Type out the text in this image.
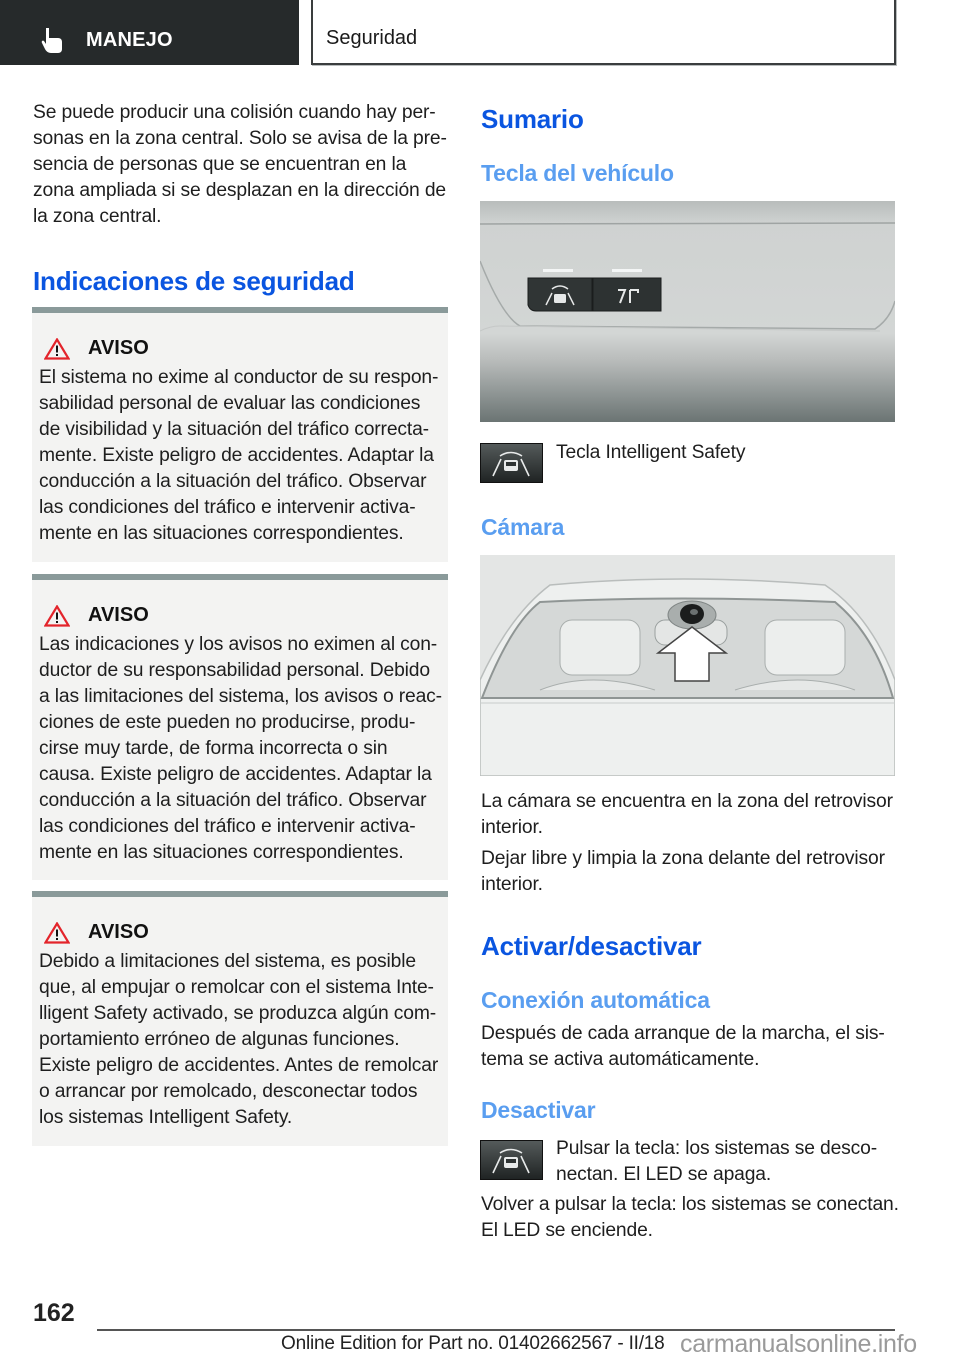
MANEJO	Seguridad
Se puede producir una colisión cuando hay per-
sonas en la zona central. Solo se avisa de la pre-
sencia de personas que se encuentran en la
zona ampliada si se desplazan en la dirección de
la zona central.
Indicaciones de seguridad
AVISO
El sistema no exime al conductor de su respon-
sabilidad personal de evaluar las condiciones
de visibilidad y la situación del tráfico correcta-
mente. Existe peligro de accidentes. Adaptar la
conducción a la situación del tráfico. Observar
las condiciones del tráfico e intervenir activa-
mente en las situaciones correspondientes.
AVISO
Las indicaciones y los avisos no eximen al con-
ductor de su responsabilidad personal. Debido
a las limitaciones del sistema, los avisos o reac-
ciones de este pueden no producirse, produ-
cirse muy tarde, de forma incorrecta o sin
causa. Existe peligro de accidentes. Adaptar la
conducción a la situación del tráfico. Observar
las condiciones del tráfico e intervenir activa-
mente en las situaciones correspondientes.
AVISO
Debido a limitaciones del sistema, es posible
que, al empujar o remolcar con el sistema Inte-
lligent Safety activado, se produzca algún com-
portamiento erróneo de algunas funciones.
Existe peligro de accidentes. Antes de remolcar
o arrancar por remolcado, desconectar todos
los sistemas Intelligent Safety.
Sumario
Tecla del vehículo
Tecla Intelligent Safety
Cámara
La cámara se encuentra en la zona del retrovisor
interior.
Dejar libre y limpia la zona delante del retrovisor
interior.
Activar/desactivar
Conexión automática
Después de cada arranque de la marcha, el sis-
tema se activa automáticamente.
Desactivar
Pulsar la tecla: los sistemas se desco-
nectan. El LED se apaga.
Volver a pulsar la tecla: los sistemas se conectan.
El LED se enciende.
162
Online Edition for Part no. 01402662567 - II/18 carmanualsonline.info
